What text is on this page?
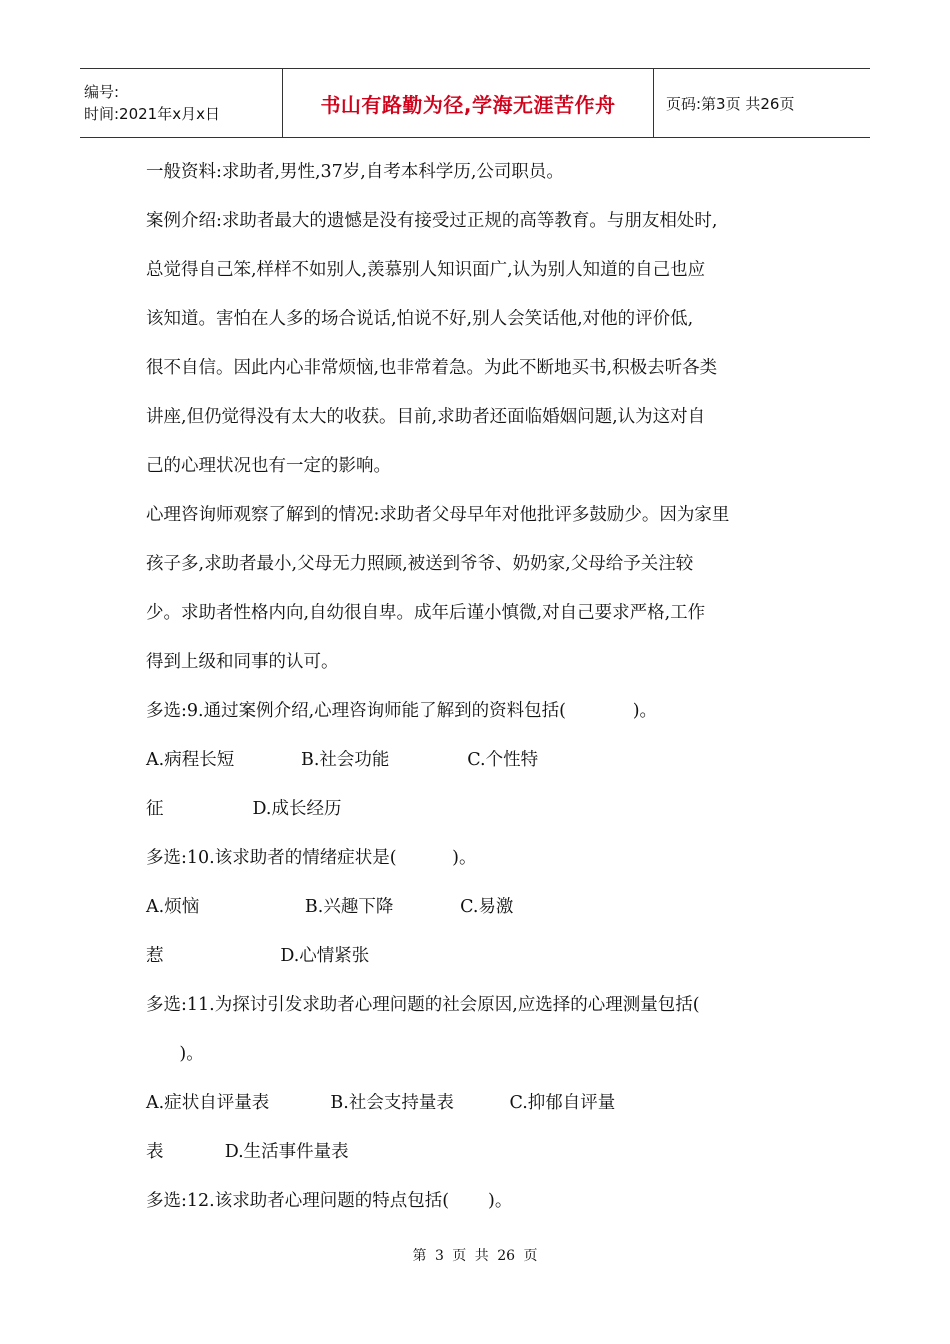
编号:
时间:2021年x月x日	书山有路勤为径,学海无涯苦作舟	页码:第3页 共26页
一般资料:求助者,男性,37岁,自考本科学历,公司职员。
案例介绍:求助者最大的遗憾是没有接受过正规的高等教育。与朋友相处时,
总觉得自己笨,样样不如别人,羡慕别人知识面广,认为别人知道的自己也应
该知道。害怕在人多的场合说话,怕说不好,别人会笑话他,对他的评价低,
很不自信。因此内心非常烦恼,也非常着急。为此不断地买书,积极去听各类
讲座,但仍觉得没有太大的收获。目前,求助者还面临婚姻问题,认为这对自
己的心理状况也有一定的影响。
心理咨询师观察了解到的情况:求助者父母早年对他批评多鼓励少。因为家里
孩子多,求助者最小,父母无力照顾,被送到爷爷、奶奶家,父母给予关注较
少。求助者性格内向,自幼很自卑。成年后谨小慎微,对自己要求严格,工作
得到上级和同事的认可。
多选:9.通过案例介绍,心理咨询师能了解到的资料包括(            )。
A.病程长短            B.社会功能              C.个性特
征                D.成长经历
多选:10.该求助者的情绪症状是(          )。
A.烦恼                   B.兴趣下降            C.易激
惹                     D.心情紧张
多选:11.为探讨引发求助者心理问题的社会原因,应选择的心理测量包括(
)。
A.症状自评量表           B.社会支持量表          C.抑郁自评量
表           D.生活事件量表
多选:12.该求助者心理问题的特点包括(       )。
第 3 页 共 26 页
